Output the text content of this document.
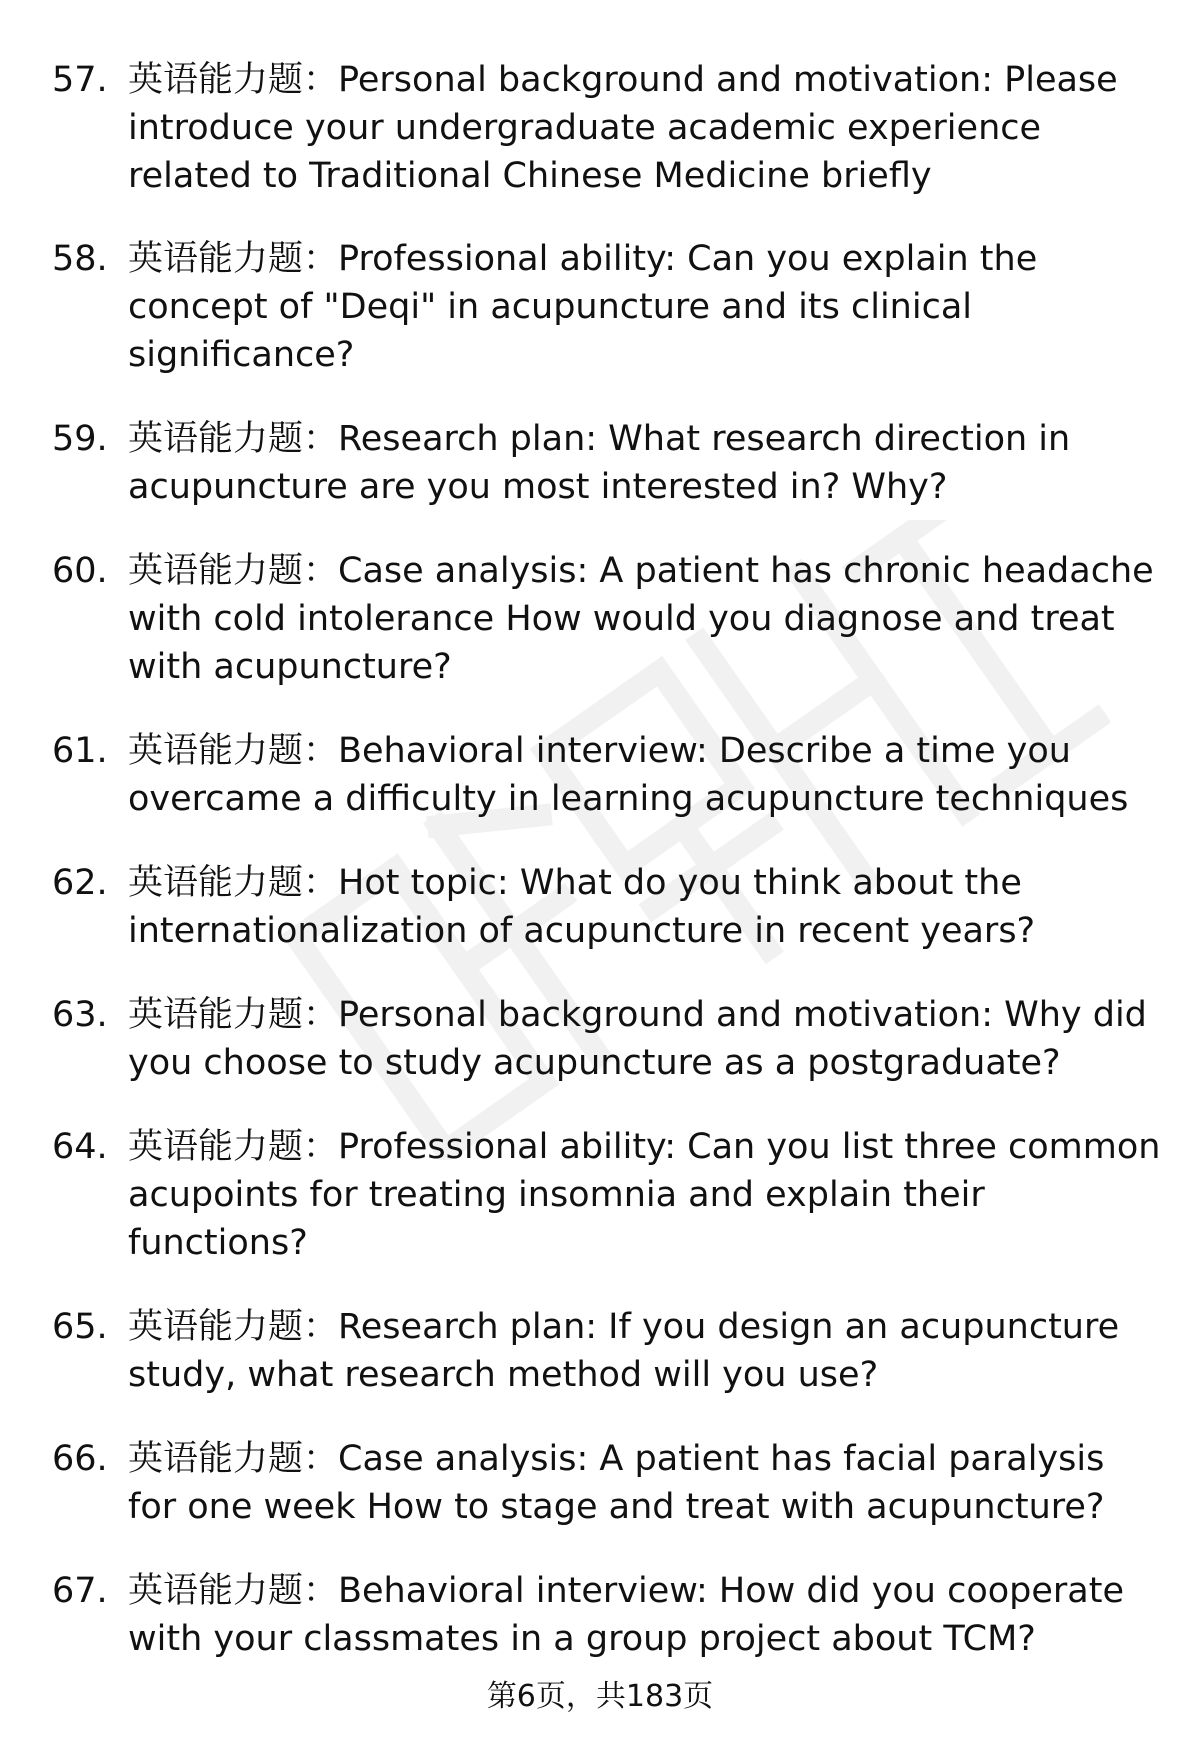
57. 英语能力题：Personal background and motivation: Please introduce your undergraduate academic experience related to Traditional Chinese Medicine briefly
58. 英语能力题：Professional ability: Can you explain the concept of "Deqi" in acupuncture and its clinical significance?
59. 英语能力题：Research plan: What research direction in acupuncture are you most interested in? Why?
60. 英语能力题：Case analysis: A patient has chronic headache with cold intolerance How would you diagnose and treat with acupuncture?
61. 英语能力题：Behavioral interview: Describe a time you overcame a difficulty in learning acupuncture techniques
62. 英语能力题：Hot topic: What do you think about the internationalization of acupuncture in recent years?
63. 英语能力题：Personal background and motivation: Why did you choose to study acupuncture as a postgraduate?
64. 英语能力题：Professional ability: Can you list three common acupoints for treating insomnia and explain their functions?
65. 英语能力题：Research plan: If you design an acupuncture study, what research method will you use?
66. 英语能力题：Case analysis: A patient has facial paralysis for one week How to stage and treat with acupuncture?
67. 英语能力题：Behavioral interview: How did you cooperate with your classmates in a group project about TCM?
第6页，共183页
